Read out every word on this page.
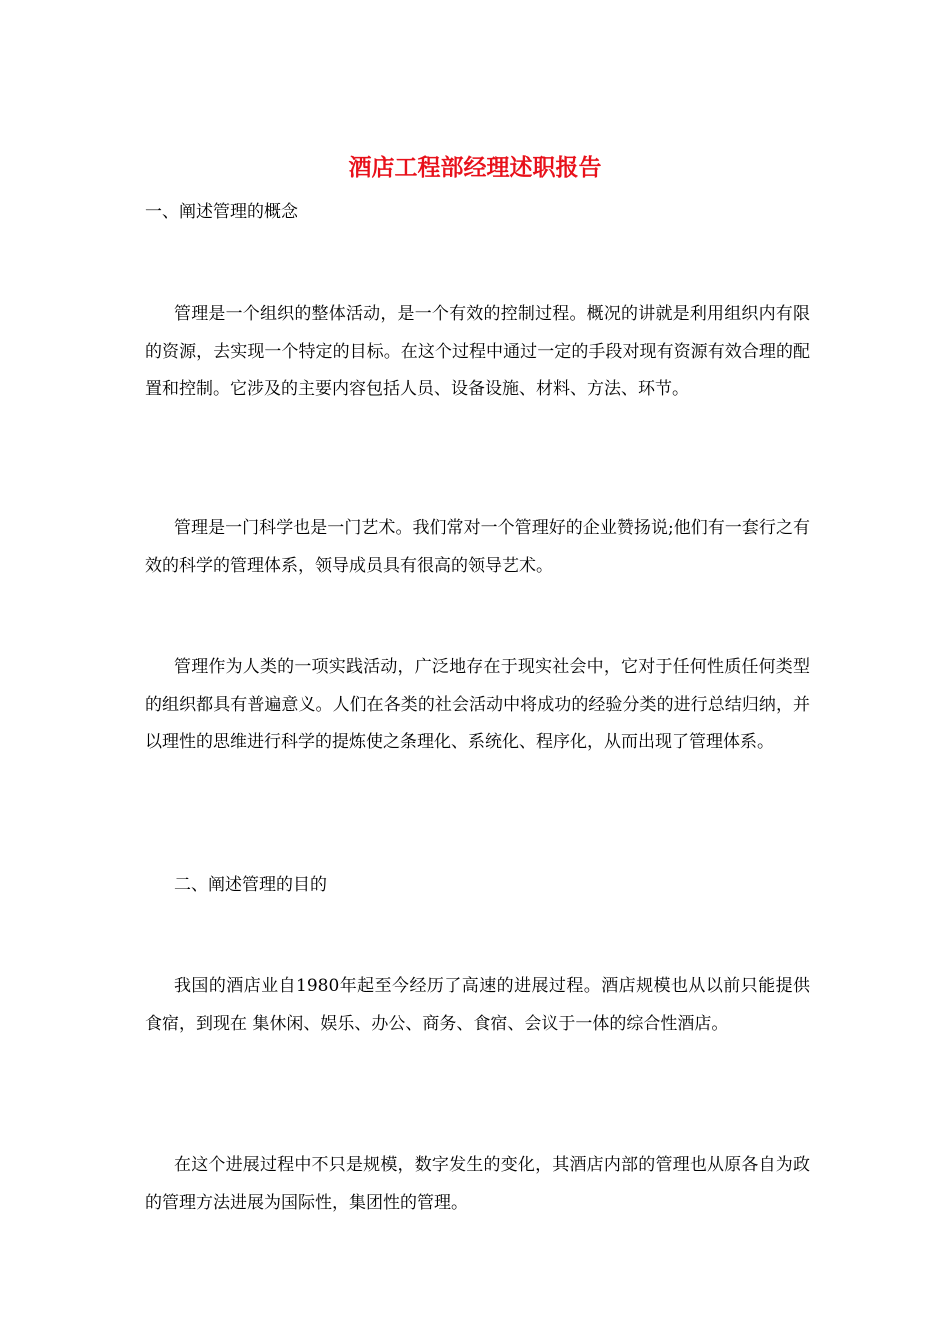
酒店工程部经理述职报告

一、阐述管理的概念

管理是一个组织的整体活动，是一个有效的控制过程。概况的讲就是利用组织内有限的资源，去实现一个特定的目标。在这个过程中通过一定的手段对现有资源有效合理的配置和控制。它涉及的主要内容包括人员、设备设施、材料、方法、环节。

管理是一门科学也是一门艺术。我们常对一个管理好的企业赞扬说;他们有一套行之有效的科学的管理体系，领导成员具有很高的领导艺术。

管理作为人类的一项实践活动，广泛地存在于现实社会中，它对于任何性质任何类型的组织都具有普遍意义。人们在各类的社会活动中将成功的经验分类的进行总结归纳，并以理性的思维进行科学的提炼使之条理化、系统化、程序化，从而出现了管理体系。

二、阐述管理的目的

我国的酒店业自1980年起至今经历了高速的进展过程。酒店规模也从以前只能提供食宿，到现在 集休闲、娱乐、办公、商务、食宿、会议于一体的综合性酒店。

在这个进展过程中不只是规模，数字发生的变化，其酒店内部的管理也从原各自为政的管理方法进展为国际性，集团性的管理。
